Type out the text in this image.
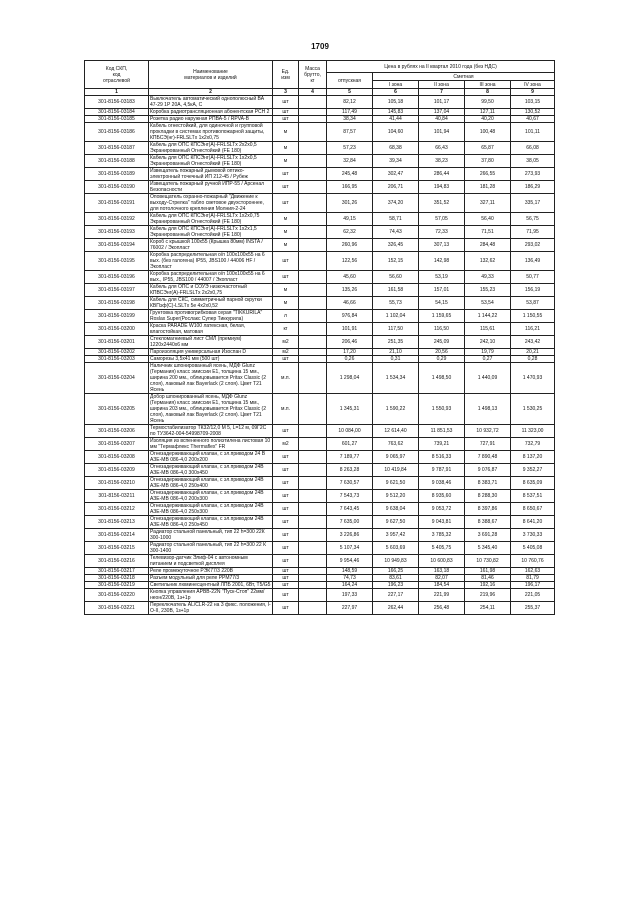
1709
Код СКП,
код
отраслевой	Наименование
материалов и изделий	Ед.
изм	Масса
брутто,
кг	Цена в рублях на II квартал 2010 года (без НДС)				
				отпускная	Сметная			
					I зона	II зона	III зона	IV зона
1	2	3	4	5	6	7	8	9
301-8156-03183	Выключатель автоматический однополюсный ВА 47-29 1Р 20А, 4,5кА, С	шт		82,12	105,18	101,17	99,50	103,15
301-8156-03184	Коробка радиотрансляционная абонентская РСН 2	шт		117,49	145,83	137,04	127,11	130,52
301-8156-03185	Розетка радио наружная РПВА-5 / RPVA-В	шт		38,34	41,44	40,84	40,20	40,67
301-8156-03186	Кабель огнестойкий, для одиночной и групповой прокладки в системах противопожарной защиты, КПБСЭ(нг)-FRLSLTx 1x2x0,75	м		87,57	104,60	101,94	100,48	101,11
301-8156-03187	Кабель для ОПС КПСЭнг(А)-FRLSLTх 2x2x0,5 Экранированный Огнестойкий (FE 180)	м		57,23	68,38	66,43	65,87	66,08
301-8156-03188	Кабель для ОПС КПСЭнг(А)-FRLSLTх 1x2x0,5 Экранированный Огнестойкий (FE 180)	м		32,84	39,34	38,23	37,80	38,05
301-8156-03189	Извещатель пожарный дымовой оптико-электронный точечный ИП 212-45 / Рубеж	шт		245,48	302,47	286,44	266,55	273,93
301-8156-03190	Извещатель пожарный ручной ИПР-55 / Арсенал Безопасности	шт		166,95	206,71	194,83	181,28	186,29
301-8156-03191	Оповещатель охранно-пожарный "Движение к выходу-Стрелка" табло световое двухстороннее, для потолочного крепления Молния-2-24	шт		301,26	374,20	351,52	327,11	335,17
301-8156-03192	Кабель для ОПС КПСЭнг(А)-FRLSLTх 1x2x0,75 Экранированный Огнестойкий (FE 180)	м		49,15	58,71	57,05	56,40	56,75
301-8156-03193	Кабель для ОПС КПСЭнг(А)-FRLSLTх 1x2x1,5 Экранированный Огнестойкий (FE 180)	м		62,32	74,43	72,33	71,51	71,95
301-8156-03194	Короб с крышкой 100x55 (Крышка 80мм) INSTA / 76002 / Экоплаcт	м		260,96	326,45	307,13	284,48	293,02
301-8156-03195	Коробка распределительная о/п 100x100x55 на 6 вых. (без галогена) IP55, JBS100 / 44006 HF / Экопласт	шт		122,56	152,15	142,98	132,62	136,49
301-8156-03196	Коробка распределительная о/п 100x100x55 на 6 вых., IP55, JBS100 / 44007 / Экопласт	шт		45,60	56,60	53,19	49,33	50,77
301-8156-03197	Кабель для ОПС и СОУЭ низкочастотный КПВСЭнг(А)-FRLSLTх 2x2x0,75	м		135,26	161,58	157,01	155,23	156,19
301-8156-03198	Кабель для СКС, симметричный парной скрутки КВПэф(С)-LSLTx 5е 4x2x0,52	м		46,66	55,73	54,15	53,54	53,87
301-8156-03199	Грунтовка противогрибковая серая "TIKKURILA" Roslax Super(Рослакс Супер Тиккурила)	л		976,84	1 102,04	1 159,65	1 144,22	1 150,55
301-8156-03200	Краска PARADE W100 латексная, белая, влагостойкая, матовая	кг		101,91	117,50	116,50	115,61	116,21
301-8156-03201	Стекломагниевый лист СМЛ (премиум) 1220x2440x6 мм	м2		206,46	251,35	245,09	242,10	243,42
301-8156-03202	Пароизоляция универсальная Изоспан D	м2		17,20	21,10	20,56	19,79	20,21
301-8156-03203	Саморезы 3,5х41 мм (500 шт)	шт		0,26	0,31	0,29	0,27	0,28
301-8156-03204	Наличник шпонированный ясень, МДФ Glunz (Германия) класс эмиссии Е1, толщина 15 мм., ширина 200 мм., облицовывается Pritax Classic (2 слоя), лаковый лак Bayerlack (2 слоя). Цвет Т21 Ясень	м.п.		1 298,04	1 534,34	1 498,50	1 440,09	1 470,93
301-8156-03205	Добор шпонированный ясень, МДФ Glunz (Германия) класс эмиссии Е1, толщина 15 мм., ширина 203 мм., облицовывается Pritax Classic (2 слоя), лаковый лак Bayerlack (2 слоя). Цвет Т21 Ясень	м.п.		1 345,31	1 590,22	1 550,93	1 498,13	1 530,25
301-8156-03206	Термостабилизатор ТК32/12,0 М 5, L=12 м, 09Г2С по ТУ3642-004-54998709-2008	шт		10 084,00	12 614,40	11 851,53	10 932,72	11 323,00
301-8156-03207	Изоляция из вспененного полиэтилена листовая 10 мм "Термафлекс Thermaflex" FR	м2		601,27	763,62	739,21	727,91	732,79
301-8156-03208	Огнезадерживающий клапан, с эл.приводом 24 В АЗЕ-МВ 086-4,0 200x200	шт		7 189,77	9 065,97	8 516,33	7 890,48	8 137,20
301-8156-03209	Огнезадерживающий клапан, с эл.приводом 24В АЗЕ-МВ 086-4,0 300x450	шт		8 263,28	10 419,84	9 787,91	9 076,87	9 352,27
301-8156-03210	Огнезадерживающий клапан, с эл.приводом 24В АЗЕ-МВ 086-4,0 250x400	шт		7 630,57	9 621,50	9 038,46	8 383,71	8 635,09
301-8156-03211	Огнезадерживающий клапан, с эл.приводом 24В АЗЕ-МВ 086-4,0 200x300	шт		7 543,73	9 512,20	8 935,60	8 288,30	8 537,51
301-8156-03212	Огнезадерживающий клапан, с эл.приводом 24В АЗЕ-МВ 086-4,0 250x300	шт		7 643,45	9 638,04	9 053,72	8 397,86	8 650,67
301-8156-03213	Огнезадерживающий клапан, с эл.приводом 24В АЗЕ-МВ 086-4,0 250x450	шт		7 635,00	9 627,50	9 043,81	8 388,67	8 641,20
301-8156-03214	Радиатор стальной панельный, тип 22 h=300 22К 300-1000	шт		3 226,86	3 957,42	3 785,32	3 691,28	3 730,33
301-8156-03215	Радиатор стальной панельный, тип 22 h=300 22 К 300-1400	шт		5 107,34	5 603,69	5 405,75	5 345,40	5 405,08
301-8156-03216	Телевизор-датчик Элиф-04 с автономным питанием и подсветкой дисплея	шт		9 954,46	10 949,83	10 600,83	10 730,82	10 760,76
301-8156-03217	Реле промежуточное РЭК77/3 220В	шт		148,59	166,25	163,18	161,98	162,63
301-8156-03218	Разъем модульный для реле РРМ77/3	шт		74,73	83,61	82,07	81,46	81,79
301-8156-03219	Светильник люминесцентный ЛПБ 2001, 6Вт, Т5/G5	шт		164,24	196,23	184,54	192,16	196,17
301-8156-03220	Кнопка управления АРВВ-22N "Пуск-Стоп" 22мм/неон/220В, 1з+1р	шт		197,33	227,17	221,99	219,96	221,05
301-8156-03221	Переключатель AL/CLR-22 на 3 фикс. положения, I-O-II, 230В, 1з+1р	шт		227,97	262,44	256,48	254,11	255,37
